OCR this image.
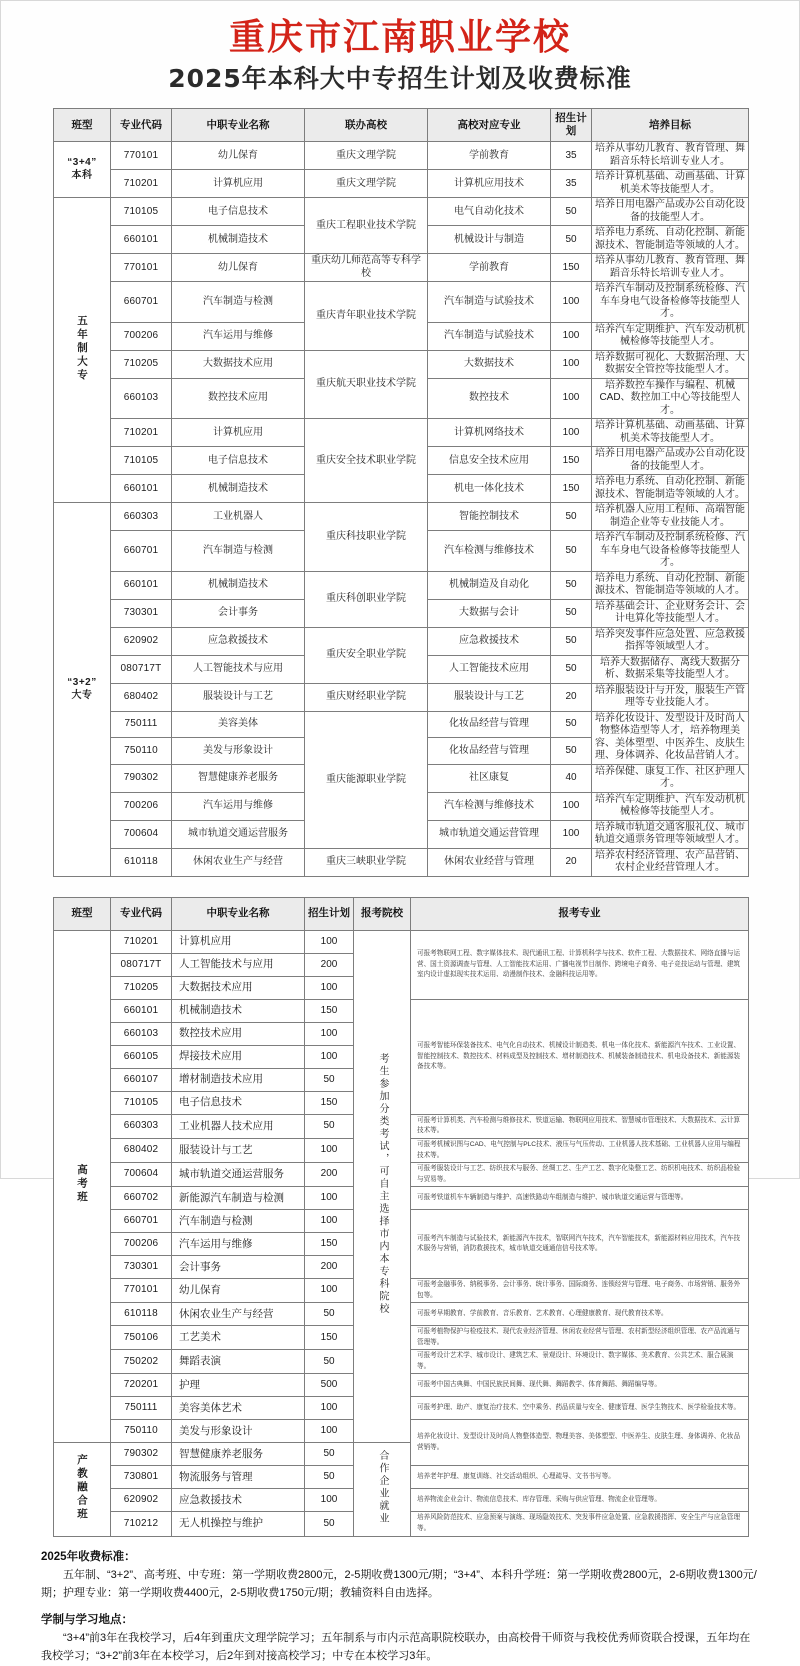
重庆市江南职业学校
2025年本科大中专招生计划及收费标准
班型	专业代码	中职专业名称	联办高校	高校对应专业	招生计划	培养目标

“3+4”
本科	770101	幼儿保育	重庆文理学院	学前教育	35	培养从事幼儿教育、教育管理、舞蹈音乐特长培训专业人才。
	710201	计算机应用	重庆文理学院	计算机应用技术	35	培养计算机基础、动画基础、计算机美术等技能型人才。
五年制大专	710105	电子信息技术	重庆工程职业技术学院	电气自动化技术	50	培养日用电器产品或办公自动化设备的技能型人才。
	660101	机械制造技术		机械设计与制造	50	培养电力系统、自动化控制、新能源技术、智能制造等领域的人才。
	770101	幼儿保育	重庆幼儿师范高等专科学校	学前教育	150	培养从事幼儿教育、教育管理、舞蹈音乐特长培训专业人才。
	660701	汽车制造与检测	重庆青年职业技术学院	汽车制造与试验技术	100	培养汽车制动及控制系统检修、汽车车身电气设备检修等技能型人才。
	700206	汽车运用与维修		汽车制造与试验技术	100	培养汽车定期维护、汽车发动机机械检修等技能型人才。
	710205	大数据技术应用	重庆航天职业技术学院	大数据技术	100	培养数据可视化、大数据治理、大数据安全管控等技能型人才。
	660103	数控技术应用		数控技术	100	培养数控车操作与编程、机械CAD、数控加工中心等技能型人才。
	710201	计算机应用	重庆安全技术职业学院	计算机网络技术	100	培养计算机基础、动画基础、计算机美术等技能型人才。
	710105	电子信息技术		信息安全技术应用	150	培养日用电器产品或办公自动化设备的技能型人才。
	660101	机械制造技术		机电一体化技术	150	培养电力系统、自动化控制、新能源技术、智能制造等领域的人才。

“3+2”
大专	660303	工业机器人	重庆科技职业学院	智能控制技术	50	培养机器人应用工程师、高端智能制造企业等专业技能人才。
	660701	汽车制造与检测		汽车检测与维修技术	50	培养汽车制动及控制系统检修、汽车车身电气设备检修等技能型人才。
	660101	机械制造技术	重庆科创职业学院	机械制造及自动化	50	培养电力系统、自动化控制、新能源技术、智能制造等领域的人才。
	730301	会计事务		大数据与会计	50	培养基础会计、企业财务会计、会计电算化等技能型人才。
	620902	应急救援技术	重庆安全职业学院	应急救援技术	50	培养突发事件应急处置、应急救援指挥等领域型人才。
	080717T	人工智能技术与应用		人工智能技术应用	50	培养大数据储存、离线大数据分析、数据采集等技能型人才。
	680402	服装设计与工艺	重庆财经职业学院	服装设计与工艺	20	培养服装设计与开发，服装生产管理等专业技能人才。
	750111	美容美体	重庆能源职业学院	化妆品经营与管理	50	培养化妆设计、发型设计及时尚人物整体造型等人才，培养物理美容、美体塑型、中医养生、皮肤生理、身体调养、化妆品营销人才。
	750110	美发与形象设计		化妆品经营与管理	50	
	790302	智慧健康养老服务		社区康复	40	培养保健、康复工作、社区护理人才。
	700206	汽车运用与维修		汽车检测与维修技术	100	培养汽车定期维护、汽车发动机机械检修等技能型人才。
	700604	城市轨道交通运营服务		城市轨道交通运营管理	100	培养城市轨道交通客服礼仪、城市轨道交通票务管理等领域型人才。
	610118	休闲农业生产与经营	重庆三峡职业学院	休闲农业经营与管理	20	培养农村经济管理、农产品营销、农村企业经营管理人才。
班型	专业代码	中职专业名称	招生计划	报考院校	报考专业
高考班	710201	计算机应用	100	考生参加分类考试，可自主选择市内本专科院校	可报考物联网工程、数字媒体技术、现代通讯工程、计算机科学与技术、软件工程、大数据技术、网络直播与运营、国土资源调查与管理、人工智能技术运用、广播电视节目制作、跨境电子商务、电子竞技运动与管理、建筑室内设计虚拟现实技术运用、动漫制作技术、金融科技运用等。
	080717T	人工智能技术与应用	200		
	710205	大数据技术应用	100		
	660101	机械制造技术	150		可报考智能环保装备技术、电气化自动技术、机械设计制造类、机电一体化技术、新能源汽车技术、工业设置、智能控制技术、数控技术、材料成型及控制技术、增材制造技术、机械装备制造技术、机电设备技术、新能源装备技术等。
	660103	数控技术应用	100		
	660105	焊接技术应用	100		
	660107	增材制造技术应用	50		
	710105	电子信息技术	150		
	660303	工业机器人技术应用	50		可报考计算机类、汽车检测与维修技术、铁道运输、物联网应用技术、智慧城市管理技术、大数据技术、云计算技术等。
	680402	服装设计与工艺	100		可报考机械识图与CAD、电气控制与PLC技术、液压与气压传动、工业机器人技术基础、工业机器人应用与编程技术等。
	700604	城市轨道交通运营服务	200		可报考服装设计与工艺、纺织技术与服务、丝绸工艺、生产工艺、数字化染整工艺、纺织机电技术、纺织品检验与贸易等。
	660702	新能源汽车制造与检测	100		可报考铁道机车车辆制造与维护、高速铁路动车组制造与维护、城市轨道交通运营与管理等。
	660701	汽车制造与检测	100		可报考汽车制造与试验技术，新能源汽车技术，智联网汽车技术，汽车智能技术，新能源材料应用技术，汽车技术服务与营销，消防救援技术，城市轨道交通通信信号技术等。
	700206	汽车运用与维修	150		
	730301	会计事务	200		
	770101	幼儿保育	100		可报考金融事务、纳税事务、会计事务、统计事务、国际商务、连锁经营与管理、电子商务、市场营销、服务外包等。
	610118	休闲农业生产与经营	50		可报考早期教育、学前教育、音乐教育、艺术教育、心理健康教育、现代教育技术等。
	750106	工艺美术	150		可报考植物保护与检疫技术、现代农业经济管理、休闲农业经营与管理、农村新型经济组织管理、农产品流通与管理等。
	750202	舞蹈表演	50		可报考设计艺术学、城市设计、建筑艺术、景观设计、环境设计、数字媒体、美术教育、公共艺术、服合展演等。
	720201	护理	500		可报考中国古典舞、中国民族民间舞、现代舞、舞蹈教学、体育舞蹈、舞蹈编导等。
	750111	美容美体艺术	100		可报考护理、助产、康复治疗技术、空中乘务、药品质量与安全、健康管理、医学生物技术、医学检验技术等。
	750110	美发与形象设计	100		培养化妆设计、发型设计及时尚人物整体造型、物理美容、美体塑型、中医养生、皮肤生理、身体调养、化妆品营销等。
产教融合班	790302	智慧健康养老服务	50	合作企业就业	
	730801	物流服务与管理	50		培养老年护理、康复训练、社交活动组织、心理疏导、文书书写等。
	620902	应急救援技术	100		培养物流企业会计、物流信息技术、库存管理、采购与供应管理、物流企业管理等。
	710212	无人机操控与维护	50		培养风险防范技术、应急预案与演练、现场隐效技术、突发事件应急处置、应急救援指挥、安全生产与应急管理等。
2025年收费标准：
五年制、“3+2”、高考班、中专班：第一学期收费2800元，2-5期收费1300元/期；“3+4”、本科升学班：第一学期收费2800元，2-6期收费1300元/期；护理专业：第一学期收费4400元，2-5期收费1750元/期；教辅资料自由选择。
学制与学习地点：
“3+4”前3年在我校学习，后4年到重庆文理学院学习；五年制系与市内示范高职院校联办，由高校骨干师资与我校优秀师资联合授课，五年均在我校学习；“3+2”前3年在本校学习，后2年到对接高校学习；中专在本校学习3年。
